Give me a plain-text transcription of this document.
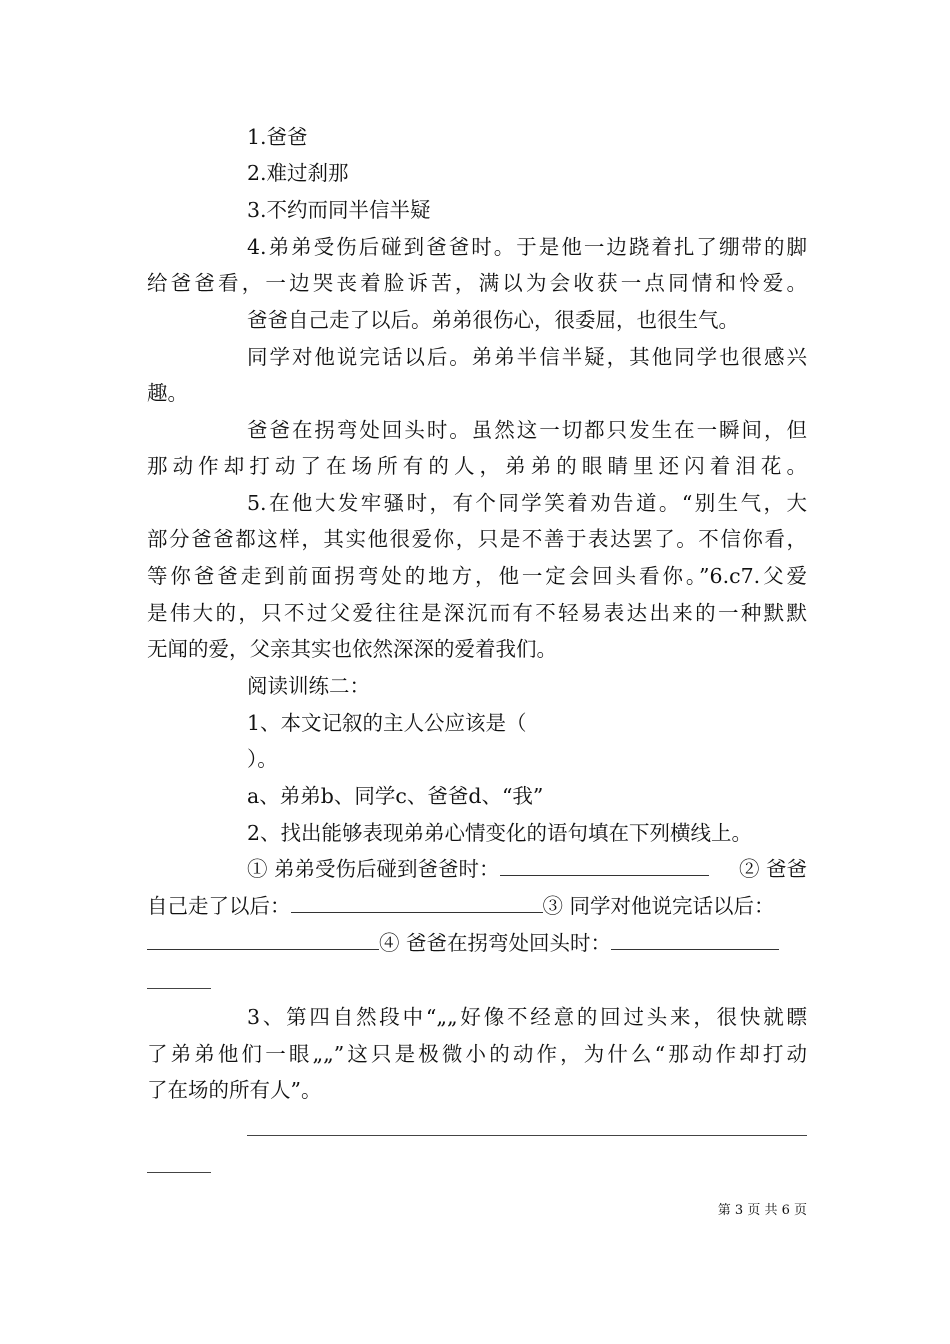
1.爸爸
2.难过刹那
3.不约而同半信半疑
4.弟弟受伤后碰到爸爸时。于是他一边跷着扎了绷带的脚
给爸爸看，一边哭丧着脸诉苦，满以为会收获一点同情和怜爱。
爸爸自己走了以后。弟弟很伤心，很委屈，也很生气。
同学对他说完话以后。弟弟半信半疑，其他同学也很感兴
趣。
爸爸在拐弯处回头时。虽然这一切都只发生在一瞬间，但
那动作却打动了在场所有的人，弟弟的眼睛里还闪着泪花。
5.在他大发牢骚时，有个同学笑着劝告道。“别生气，大
部分爸爸都这样，其实他很爱你，只是不善于表达罢了。不信你看，
等你爸爸走到前面拐弯处的地方，他一定会回头看你。”6.c7.父爱
是伟大的，只不过父爱往往是深沉而有不轻易表达出来的一种默默
无闻的爱，父亲其实也依然深深的爱着我们。
阅读训练二：
1、本文记叙的主人公应该是（
）。
a、弟弟b、同学c、爸爸d、“我”
2、找出能够表现弟弟心情变化的语句填在下列横线上。
① 弟弟受伤后碰到爸爸时：	② 爸爸
自己走了以后：	③ 同学对他说完话以后：
④ 爸爸在拐弯处回头时：
3、第四自然段中“„„好像不经意的回过头来，很快就瞟
了弟弟他们一眼„„”这只是极微小的动作，为什么“那动作却打动
了在场的所有人”。
第 3 页 共 6 页
